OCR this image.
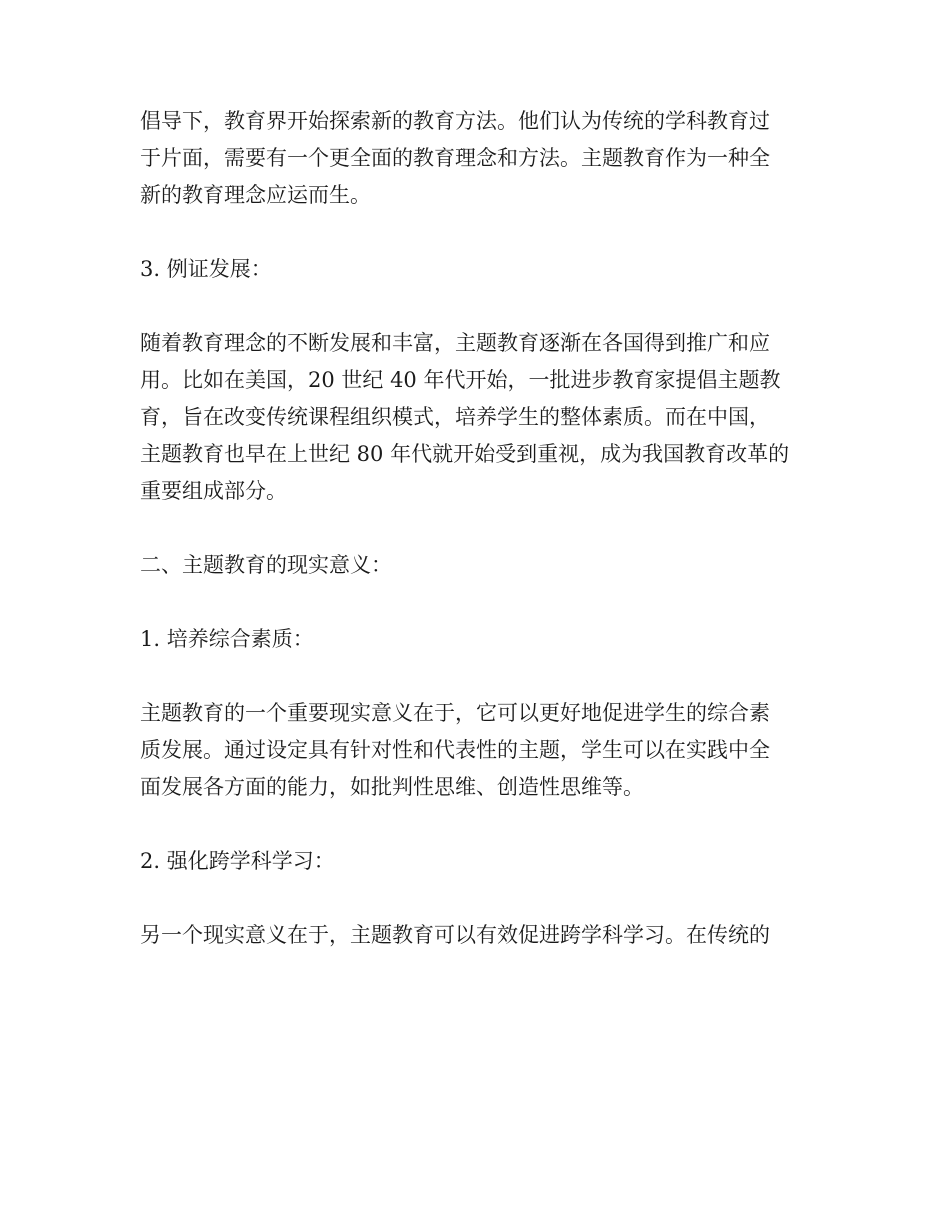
倡导下，教育界开始探索新的教育方法。他们认为传统的学科教育过
于片面，需要有一个更全面的教育理念和方法。主题教育作为一种全
新的教育理念应运而生。

3. 例证发展：

随着教育理念的不断发展和丰富，主题教育逐渐在各国得到推广和应
用。比如在美国，20 世纪 40 年代开始，一批进步教育家提倡主题教
育，旨在改变传统课程组织模式，培养学生的整体素质。而在中国，
主题教育也早在上世纪 80 年代就开始受到重视，成为我国教育改革的
重要组成部分。

二、主题教育的现实意义：

1. 培养综合素质：

主题教育的一个重要现实意义在于，它可以更好地促进学生的综合素
质发展。通过设定具有针对性和代表性的主题，学生可以在实践中全
面发展各方面的能力，如批判性思维、创造性思维等。

2. 强化跨学科学习：

另一个现实意义在于，主题教育可以有效促进跨学科学习。在传统的
